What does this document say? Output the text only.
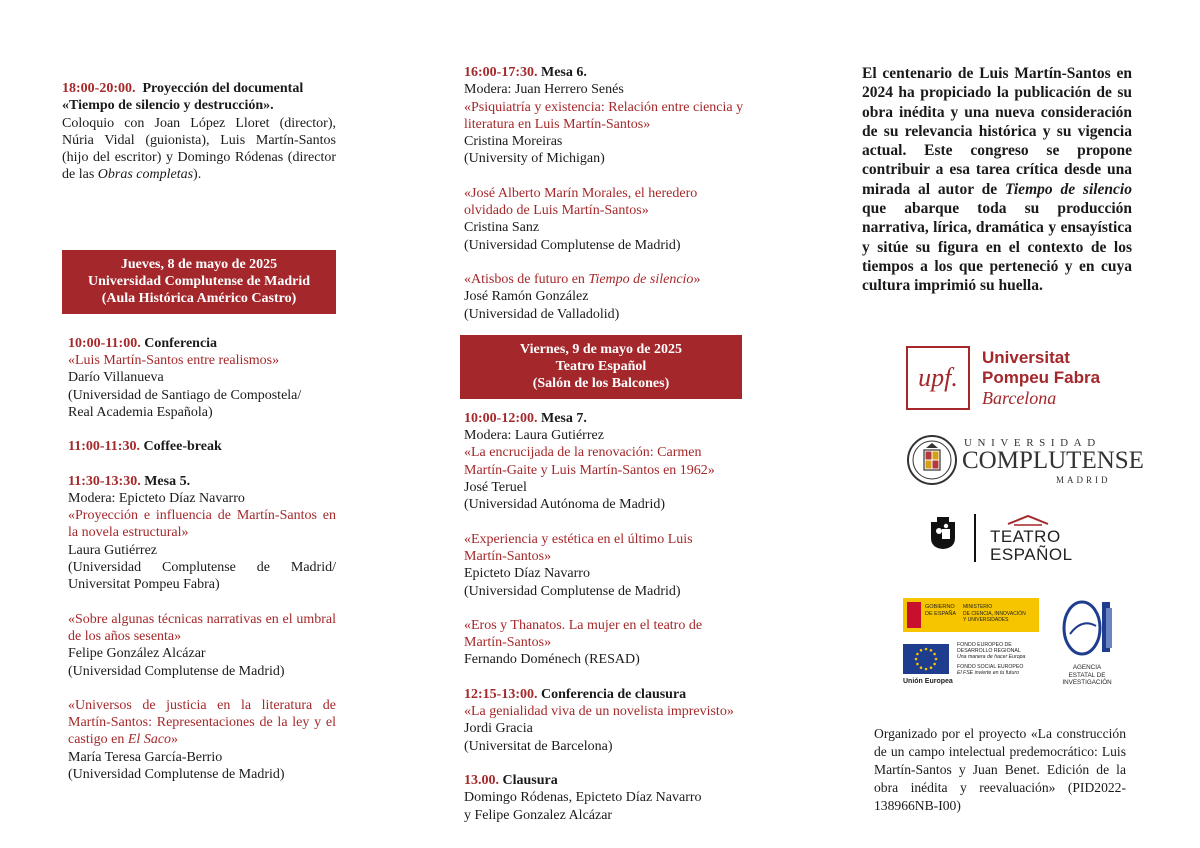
18:00-20:00. Proyección del documental
«Tiempo de silencio y destrucción».
Coloquio con Joan López Lloret (director), Núria Vidal (guionista), Luis Martín-Santos (hijo del escritor) y Domingo Ródenas (director de las Obras completas).
Jueves, 8 de mayo de 2025
Universidad Complutense de Madrid
(Aula Histórica Américo Castro)
10:00-11:00. Conferencia
«Luis Martín-Santos entre realismos»
Darío Villanueva
(Universidad de Santiago de Compostela/
Real Academia Española)
11:00-11:30. Coffee-break
11:30-13:30. Mesa 5.
Modera: Epicteto Díaz Navarro
«Proyección e influencia de Martín-Santos en la novela estructural»
Laura Gutiérrez
(Universidad Complutense de Madrid/ Universitat Pompeu Fabra)
«Sobre algunas técnicas narrativas en el umbral de los años sesenta»
Felipe González Alcázar
(Universidad Complutense de Madrid)
«Universos de justicia en la literatura de Martín-Santos: Representaciones de la ley y el castigo en El Saco»
María Teresa García-Berrio
(Universidad Complutense de Madrid)
16:00-17:30. Mesa 6.
Modera: Juan Herrero Senés
«Psiquiatría y existencia: Relación entre ciencia y literatura en Luis Martín-Santos»
Cristina Moreiras
(University of Michigan)
«José Alberto Marín Morales, el heredero olvidado de Luis Martín-Santos»
Cristina Sanz
(Universidad Complutense de Madrid)
«Atisbos de futuro en Tiempo de silencio»
José Ramón González
(Universidad de Valladolid)
Viernes, 9 de mayo de 2025
Teatro Español
(Salón de los Balcones)
10:00-12:00. Mesa 7.
Modera: Laura Gutiérrez
«La encrucijada de la renovación: Carmen Martín-Gaite y Luis Martín-Santos en 1962»
José Teruel
(Universidad Autónoma de Madrid)
«Experiencia y estética en el último Luis Martín-Santos»
Epicteto Díaz Navarro
(Universidad Complutense de Madrid)
«Eros y Thanatos. La mujer en el teatro de Martín-Santos»
Fernando Doménech (RESAD)
12:15-13:00. Conferencia de clausura
«La genialidad viva de un novelista imprevisto»
Jordi Gracia
(Universitat de Barcelona)
13.00. Clausura
Domingo Ródenas, Epicteto Díaz Navarro
y Felipe Gonzalez Alcázar
El centenario de Luis Martín-Santos en 2024 ha propiciado la publicación de su obra inédita y una nueva consideración de su relevancia histórica y su vigencia actual. Este congreso se propone contribuir a esa tarea crítica desde una mirada al autor de Tiempo de silencio que abarque toda su producción narrativa, lírica, dramática y ensayística y sitúe su figura en el contexto de los tiempos a los que perteneció y en cuya cultura imprimió su huella.
upf.
Universitat
Pompeu Fabra
Barcelona
UNIVERSIDAD
COMPLUTENSE
MADRID
TEATRO
ESPAÑOL
GOBIERNO
DE ESPAÑA
MINISTERIO
DE CIENCIA, INNOVACIÓN
Y UNIVERSIDADES
FONDO EUROPEO DE
DESARROLLO REGIONAL
Una manera de hacer Europa
FONDO SOCIAL EUROPEO
El FSE invierte en tu futuro
Unión Europea
AGENCIA
ESTATAL DE
INVESTIGACIÓN
Organizado por el proyecto «La construcción de un campo intelectual predemocrático: Luis Martín-Santos y Juan Benet. Edición de la obra inédita y reevaluación» (PID2022-138966NB-I00)
